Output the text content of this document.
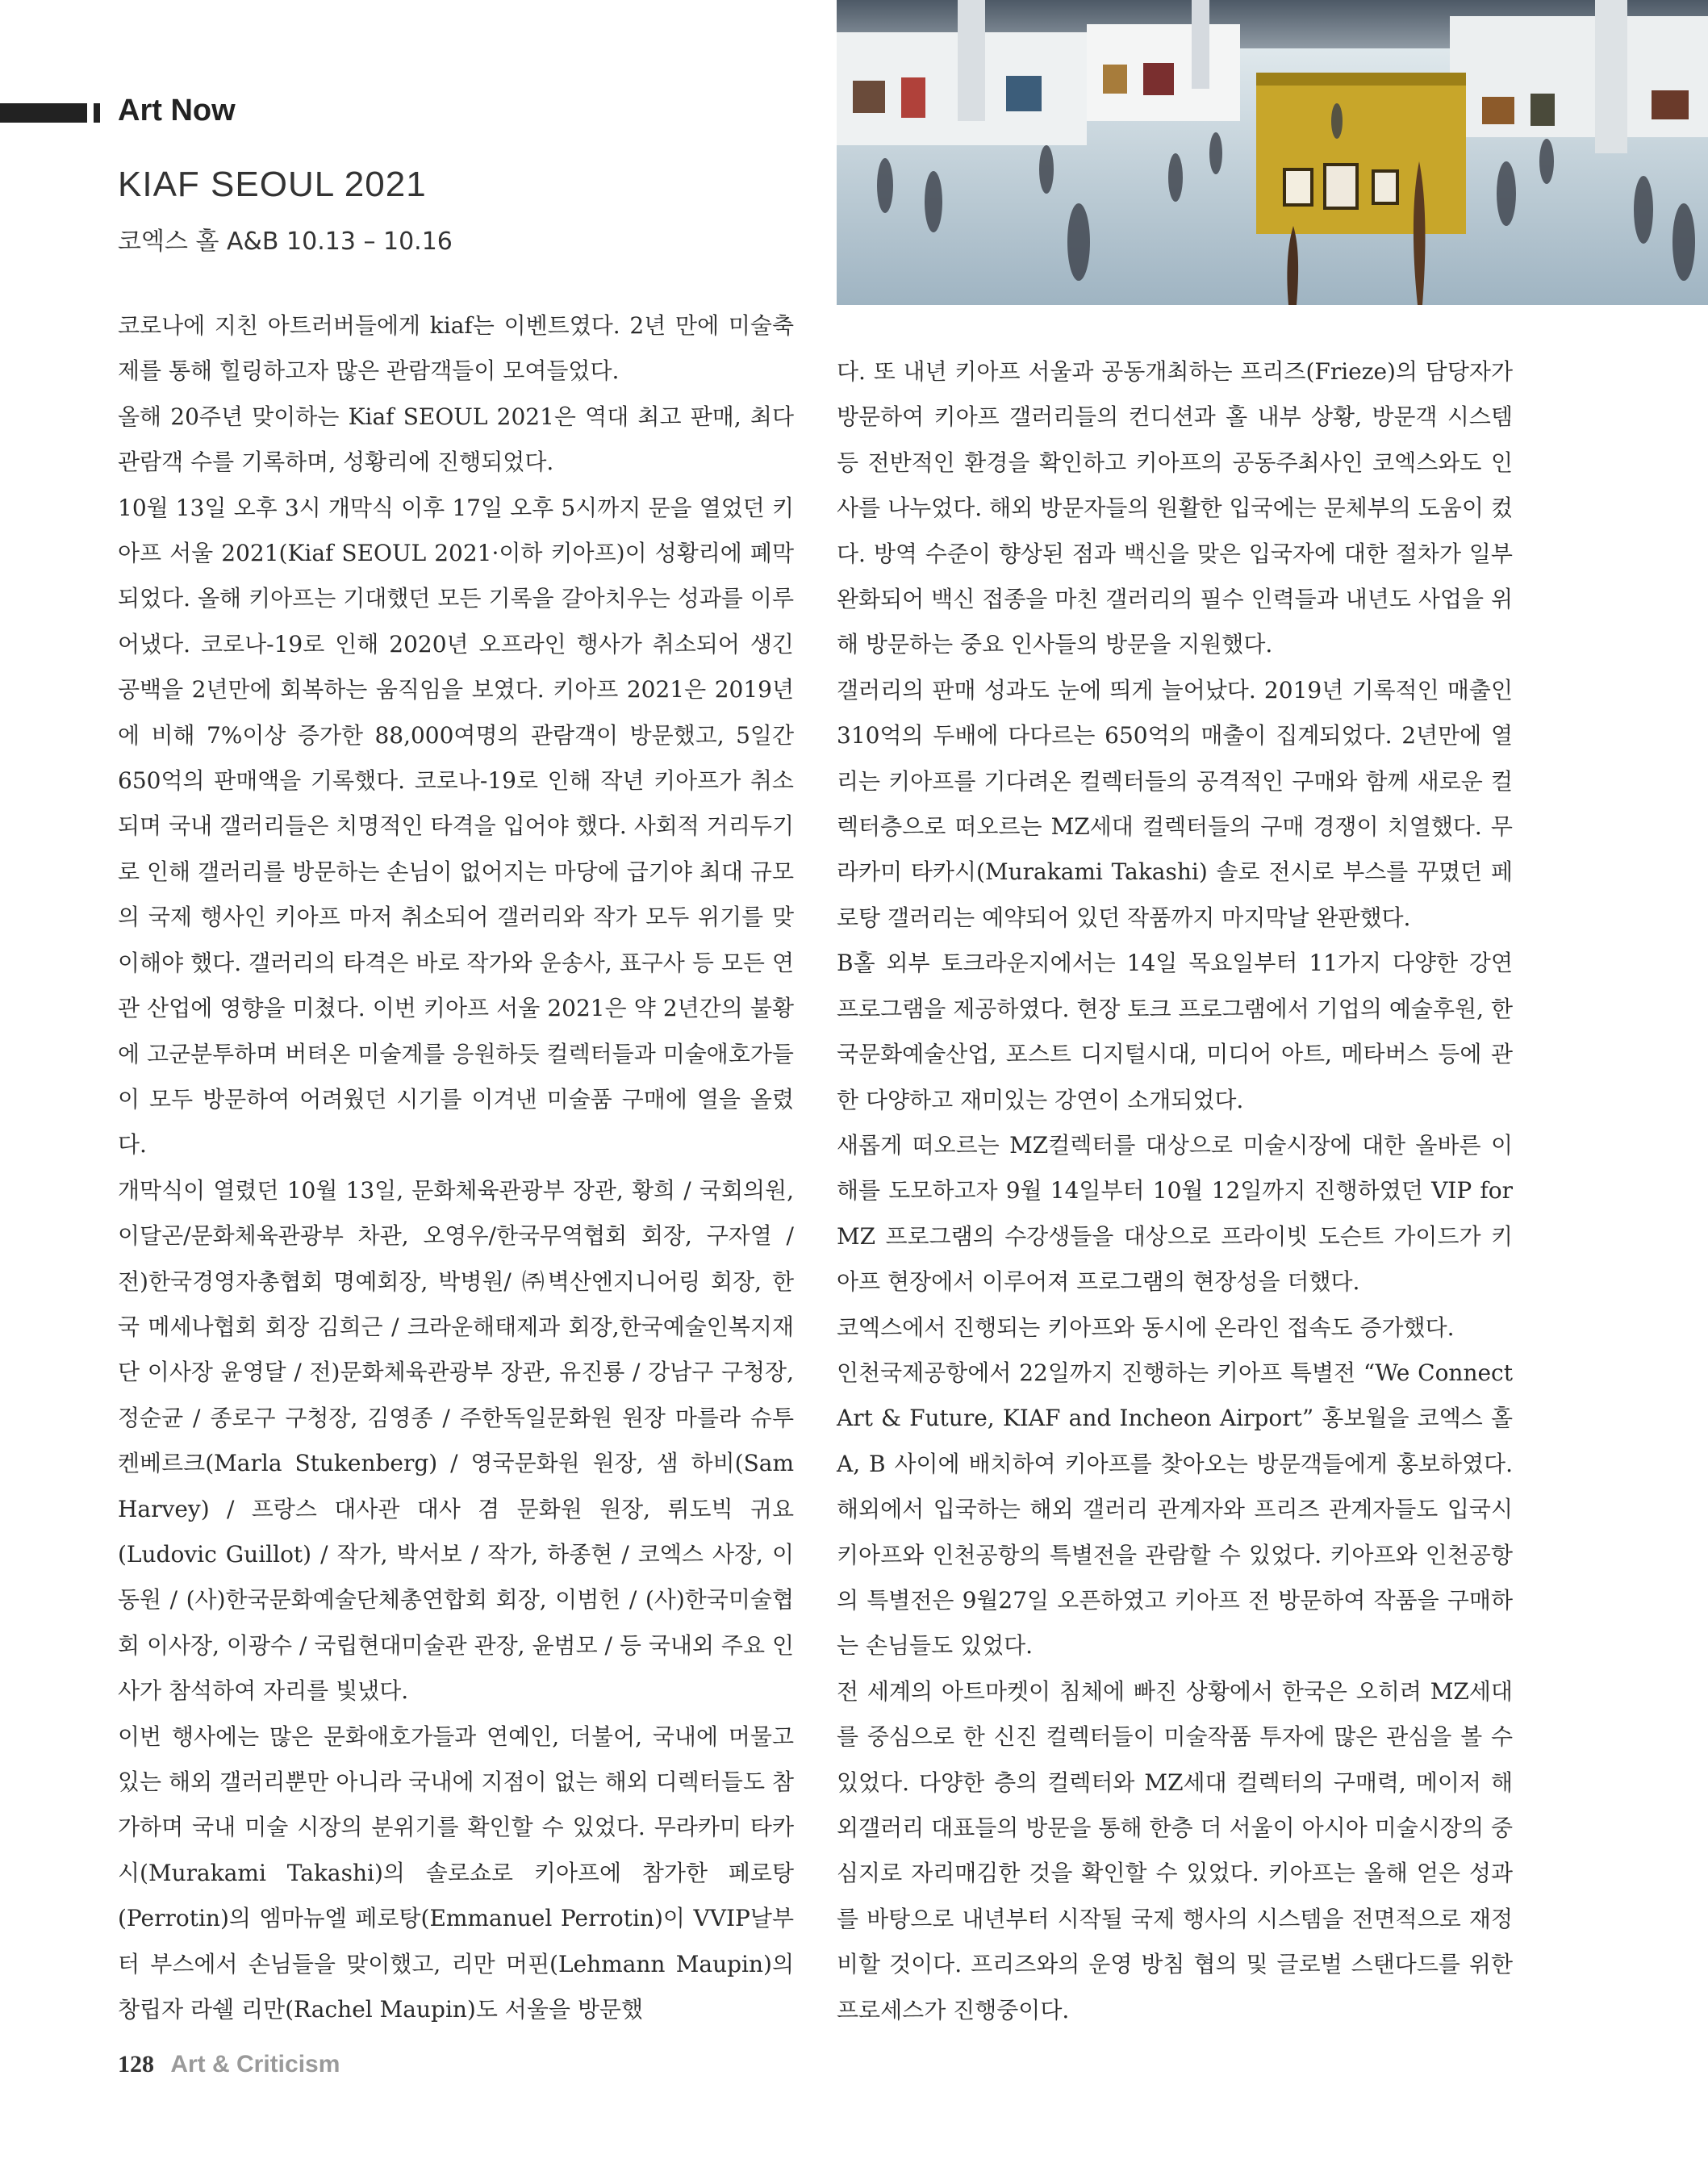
Art Now
KIAF SEOUL 2021
코엑스 홀 A&B 10.13 – 10.16

코로나에 지친 아트러버들에게 kiaf는 이벤트였다. 2년 만에 미술축제를 통해 힐링하고자 많은 관람객들이 모여들었다.

올해 20주년 맞이하는 Kiaf SEOUL 2021은 역대 최고 판매, 최다 관람객 수를 기록하며, 성황리에 진행되었다.

10월 13일 오후 3시 개막식 이후 17일 오후 5시까지 문을 열었던 키아프 서울 2021(Kiaf SEOUL 2021·이하 키아프)이 성황리에 폐막되었다. 올해 키아프는 기대했던 모든 기록을 갈아치우는 성과를 이루어냈다. 코로나-19로 인해 2020년 오프라인 행사가 취소되어 생긴 공백을 2년만에 회복하는 움직임을 보였다. 키아프 2021은 2019년에 비해 7%이상 증가한 88,000여명의 관람객이 방문했고, 5일간 650억의 판매액을 기록했다. 코로나-19로 인해 작년 키아프가 취소되며 국내 갤러리들은 치명적인 타격을 입어야 했다. 사회적 거리두기로 인해 갤러리를 방문하는 손님이 없어지는 마당에 급기야 최대 규모의 국제 행사인 키아프 마저 취소되어 갤러리와 작가 모두 위기를 맞이해야 했다. 갤러리의 타격은 바로 작가와 운송사, 표구사 등 모든 연관 산업에 영향을 미쳤다. 이번 키아프 서울 2021은 약 2년간의 불황에 고군분투하며 버텨온 미술계를 응원하듯 컬렉터들과 미술애호가들이 모두 방문하여 어려웠던 시기를 이겨낸 미술품 구매에 열을 올렸다.

개막식이 열렸던 10월 13일, 문화체육관광부 장관, 황희 / 국회의원, 이달곤/문화체육관광부 차관, 오영우/한국무역협회 회장, 구자열 / 전)한국경영자총협회 명예회장, 박병원/ ㈜벽산엔지니어링 회장, 한국 메세나협회 회장 김희근 / 크라운해태제과 회장,한국예술인복지재단 이사장 윤영달 / 전)문화체육관광부 장관, 유진룡 / 강남구 구청장, 정순균 / 종로구 구청장, 김영종 / 주한독일문화원 원장 마를라 슈투켄베르크(Marla Stukenberg) / 영국문화원 원장, 샘 하비(Sam Harvey) / 프랑스 대사관 대사 겸 문화원 원장, 뤼도빅 귀요(Ludovic Guillot) / 작가, 박서보 / 작가, 하종현 / 코엑스 사장, 이동원 / (사)한국문화예술단체총연합회 회장, 이범헌 / (사)한국미술협회 이사장, 이광수 / 국립현대미술관 관장, 윤범모 / 등 국내외 주요 인사가 참석하여 자리를 빛냈다.

이번 행사에는 많은 문화애호가들과 연예인, 더불어, 국내에 머물고 있는 해외 갤러리뿐만 아니라 국내에 지점이 없는 해외 디렉터들도 참가하며 국내 미술 시장의 분위기를 확인할 수 있었다. 무라카미 타카시(Murakami Takashi)의 솔로쇼로 키아프에 참가한 페로탕(Perrotin)의 엠마뉴엘 페로탕(Emmanuel Perrotin)이 VVIP날부터 부스에서 손님들을 맞이했고, 리만 머핀(Lehmann Maupin)의 창립자 라쉘 리만(Rachel Maupin)도 서울을 방문했

다. 또 내년 키아프 서울과 공동개최하는 프리즈(Frieze)의 담당자가 방문하여 키아프 갤러리들의 컨디션과 홀 내부 상황, 방문객 시스템 등 전반적인 환경을 확인하고 키아프의 공동주최사인 코엑스와도 인사를 나누었다. 해외 방문자들의 원활한 입국에는 문체부의 도움이 컸다. 방역 수준이 향상된 점과 백신을 맞은 입국자에 대한 절차가 일부 완화되어 백신 접종을 마친 갤러리의 필수 인력들과 내년도 사업을 위해 방문하는 중요 인사들의 방문을 지원했다.

갤러리의 판매 성과도 눈에 띄게 늘어났다. 2019년 기록적인 매출인 310억의 두배에 다다르는 650억의 매출이 집계되었다. 2년만에 열리는 키아프를 기다려온 컬렉터들의 공격적인 구매와 함께 새로운 컬렉터층으로 떠오르는 MZ세대 컬렉터들의 구매 경쟁이 치열했다. 무라카미 타카시(Murakami Takashi) 솔로 전시로 부스를 꾸몄던 페로탕 갤러리는 예약되어 있던 작품까지 마지막날 완판했다.

B홀 외부 토크라운지에서는 14일 목요일부터 11가지 다양한 강연 프로그램을 제공하였다. 현장 토크 프로그램에서 기업의 예술후원, 한국문화예술산업, 포스트 디지털시대, 미디어 아트, 메타버스 등에 관한 다양하고 재미있는 강연이 소개되었다.

새롭게 떠오르는 MZ컬렉터를 대상으로 미술시장에 대한 올바른 이해를 도모하고자 9월 14일부터 10월 12일까지 진행하였던 VIP for MZ 프로그램의 수강생들을 대상으로 프라이빗 도슨트 가이드가 키아프 현장에서 이루어져 프로그램의 현장성을 더했다.

코엑스에서 진행되는 키아프와 동시에 온라인 접속도 증가했다.

인천국제공항에서 22일까지 진행하는 키아프 특별전 “We Connect Art & Future, KIAF and Incheon Airport” 홍보월을 코엑스 홀 A, B 사이에 배치하여 키아프를 찾아오는 방문객들에게 홍보하였다. 해외에서 입국하는 해외 갤러리 관계자와 프리즈 관계자들도 입국시 키아프와 인천공항의 특별전을 관람할 수 있었다. 키아프와 인천공항의 특별전은 9월27일 오픈하였고 키아프 전 방문하여 작품을 구매하는 손님들도 있었다.

전 세계의 아트마켓이 침체에 빠진 상황에서 한국은 오히려 MZ세대를 중심으로 한 신진 컬렉터들이 미술작품 투자에 많은 관심을 볼 수 있었다. 다양한 층의 컬렉터와 MZ세대 컬렉터의 구매력, 메이저 해외갤러리 대표들의 방문을 통해 한층 더 서울이 아시아 미술시장의 중심지로 자리매김한 것을 확인할 수 있었다. 키아프는 올해 얻은 성과를 바탕으로 내년부터 시작될 국제 행사의 시스템을 전면적으로 재정비할 것이다. 프리즈와의 운영 방침 협의 및 글로벌 스탠다드를 위한 프로세스가 진행중이다.

128 Art & Criticism
